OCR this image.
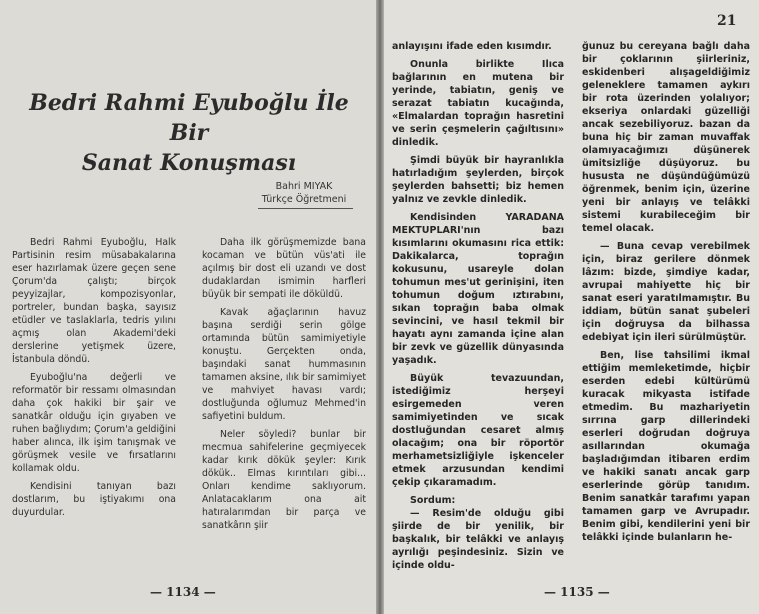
Bedri Rahmi Eyuboğlu İle Bir
Sanat Konuşması
Bahri MIYAK
Türkçe Öğretmeni

Bedri Rahmi Eyuboğlu, Halk Partisinin resim müsabakalarına eser hazırlamak üzere geçen sene Çorum'da çalıştı; birçok peyyizajlar, kompozisyonlar, portreler, bundan başka, sayısız etüdler ve taslaklarla, tedris yılını açmış olan Akademi'deki derslerine yetişmek üzere, İstanbula döndü.

Eyuboğlu'na değerli ve reformatör bir ressamı olmasından daha çok hakiki bir şair ve sanatkâr olduğu için gıyaben ve ruhen bağlıydım; Çorum'a geldiğini haber alınca, ilk işim tanışmak ve görüşmek vesile ve fırsatlarını kollamak oldu.

Kendisini tanıyan bazı dostlarım, bu iştiyakımı ona duyurdular.

Daha ilk görüşmemizde bana kocaman ve bütün vüs'ati ile açılmış bir dost eli uzandı ve dost dudaklardan ismimin harfleri büyük bir sempati ile döküldü.

Kavak ağaçlarının havuz başına serdiği serin gölge ortamında bütün samimiyetiyle konuştu. Gerçekten onda, başındaki sanat hummasının tamamen aksine, ılık bir samimiyet ve mahviyet havası vardı; dostluğunda oğlumuz Mehmed'in safiyetini buldum.

Neler söyledi? bunlar bir mecmua sahifelerine geçmiyecek kadar kırık dökük şeyler: Kırık dökük.. Elmas kırıntıları gibi... Onları kendime saklıyorum. Anlatacaklarım ona ait hatıralarımdan bir parça ve sanatkârın şiir

— 1134 —

anlayışını ifade eden kısımdır.

Onunla birlikte Ilıca bağlarının en mutena bir yerinde, tabiatın, geniş ve serazat tabiatın kucağında, «Elmalardan toprağın hasretini ve serin çeşmelerin çağıltısını» dinledik.

Şimdi büyük bir hayranlıkla hatırladığım şeylerden, birçok şeylerden bahsetti; biz hemen yalnız ve zevkle dinledik.

Kendisinden YARADANA MEKTUPLARI'nın bazı kısımlarını okumasını rica ettik: Dakikalarca, toprağın kokusunu, usareyle dolan tohumun mes'ut gerinişini, iten tohumun doğum ıztırabını, sıkan toprağın baba olmak sevincini, ve hasıl tekmil bir hayatı aynı zamanda içine alan bir zevk ve güzellik dünyasında yaşadık.

Büyük tevazuundan, istediğimiz herşeyi esirgemeden veren samimiyetinden ve sıcak dostluğundan cesaret almış olacağım; ona bir röportör merhametsizliğiyle işkenceler etmek arzusundan kendimi çekip çıkaramadım.

Sordum:

— Resim'de olduğu gibi şiirde de bir yenilik, bir başkalık, bir telâkki ve anlayış ayrılığı peşindesiniz. Sizin ve içinde oldu-

ğunuz bu cereyana bağlı daha bir çoklarının şiirleriniz, eskidenberi alışageldiğimiz geleneklere tamamen aykırı bir rota üzerinden yolalıyor; ekseriya onlardaki güzelliği ancak sezebiliyoruz. bazan da buna hiç bir zaman muvaffak olamıyacağımızı düşünerek ümitsizliğe düşüyoruz. bu hususta ne düşündüğümüzü öğrenmek, benim için, üzerine yeni bir anlayış ve telâkki sistemi kurabileceğim bir temel olacak.

— Buna cevap verebilmek için, biraz gerilere dönmek lâzım: bizde, şimdiye kadar, avrupai mahiyette hiç bir sanat eseri yaratılmamıştır. Bu iddiam, bütün sanat şubeleri için doğruysa da bilhassa edebiyat için ileri sürülmüştür.

Ben, lise tahsilimi ikmal ettiğim memleketimde, hiçbir eserden edebi kültürümü kuracak mikyasta istifade etmedim. Bu mazhariyetin sırrına garp dillerindeki eserleri doğrudan doğruya asıllarından okumağa başladığımdan itibaren erdim ve hakiki sanatı ancak garp eserlerinde görüp tanıdım. Benim sanatkâr tarafımı yapan tamamen garp ve Avrupadır. Benim gibi, kendilerini yeni bir telâkki içinde bulanların he-

— 1135 —
21
